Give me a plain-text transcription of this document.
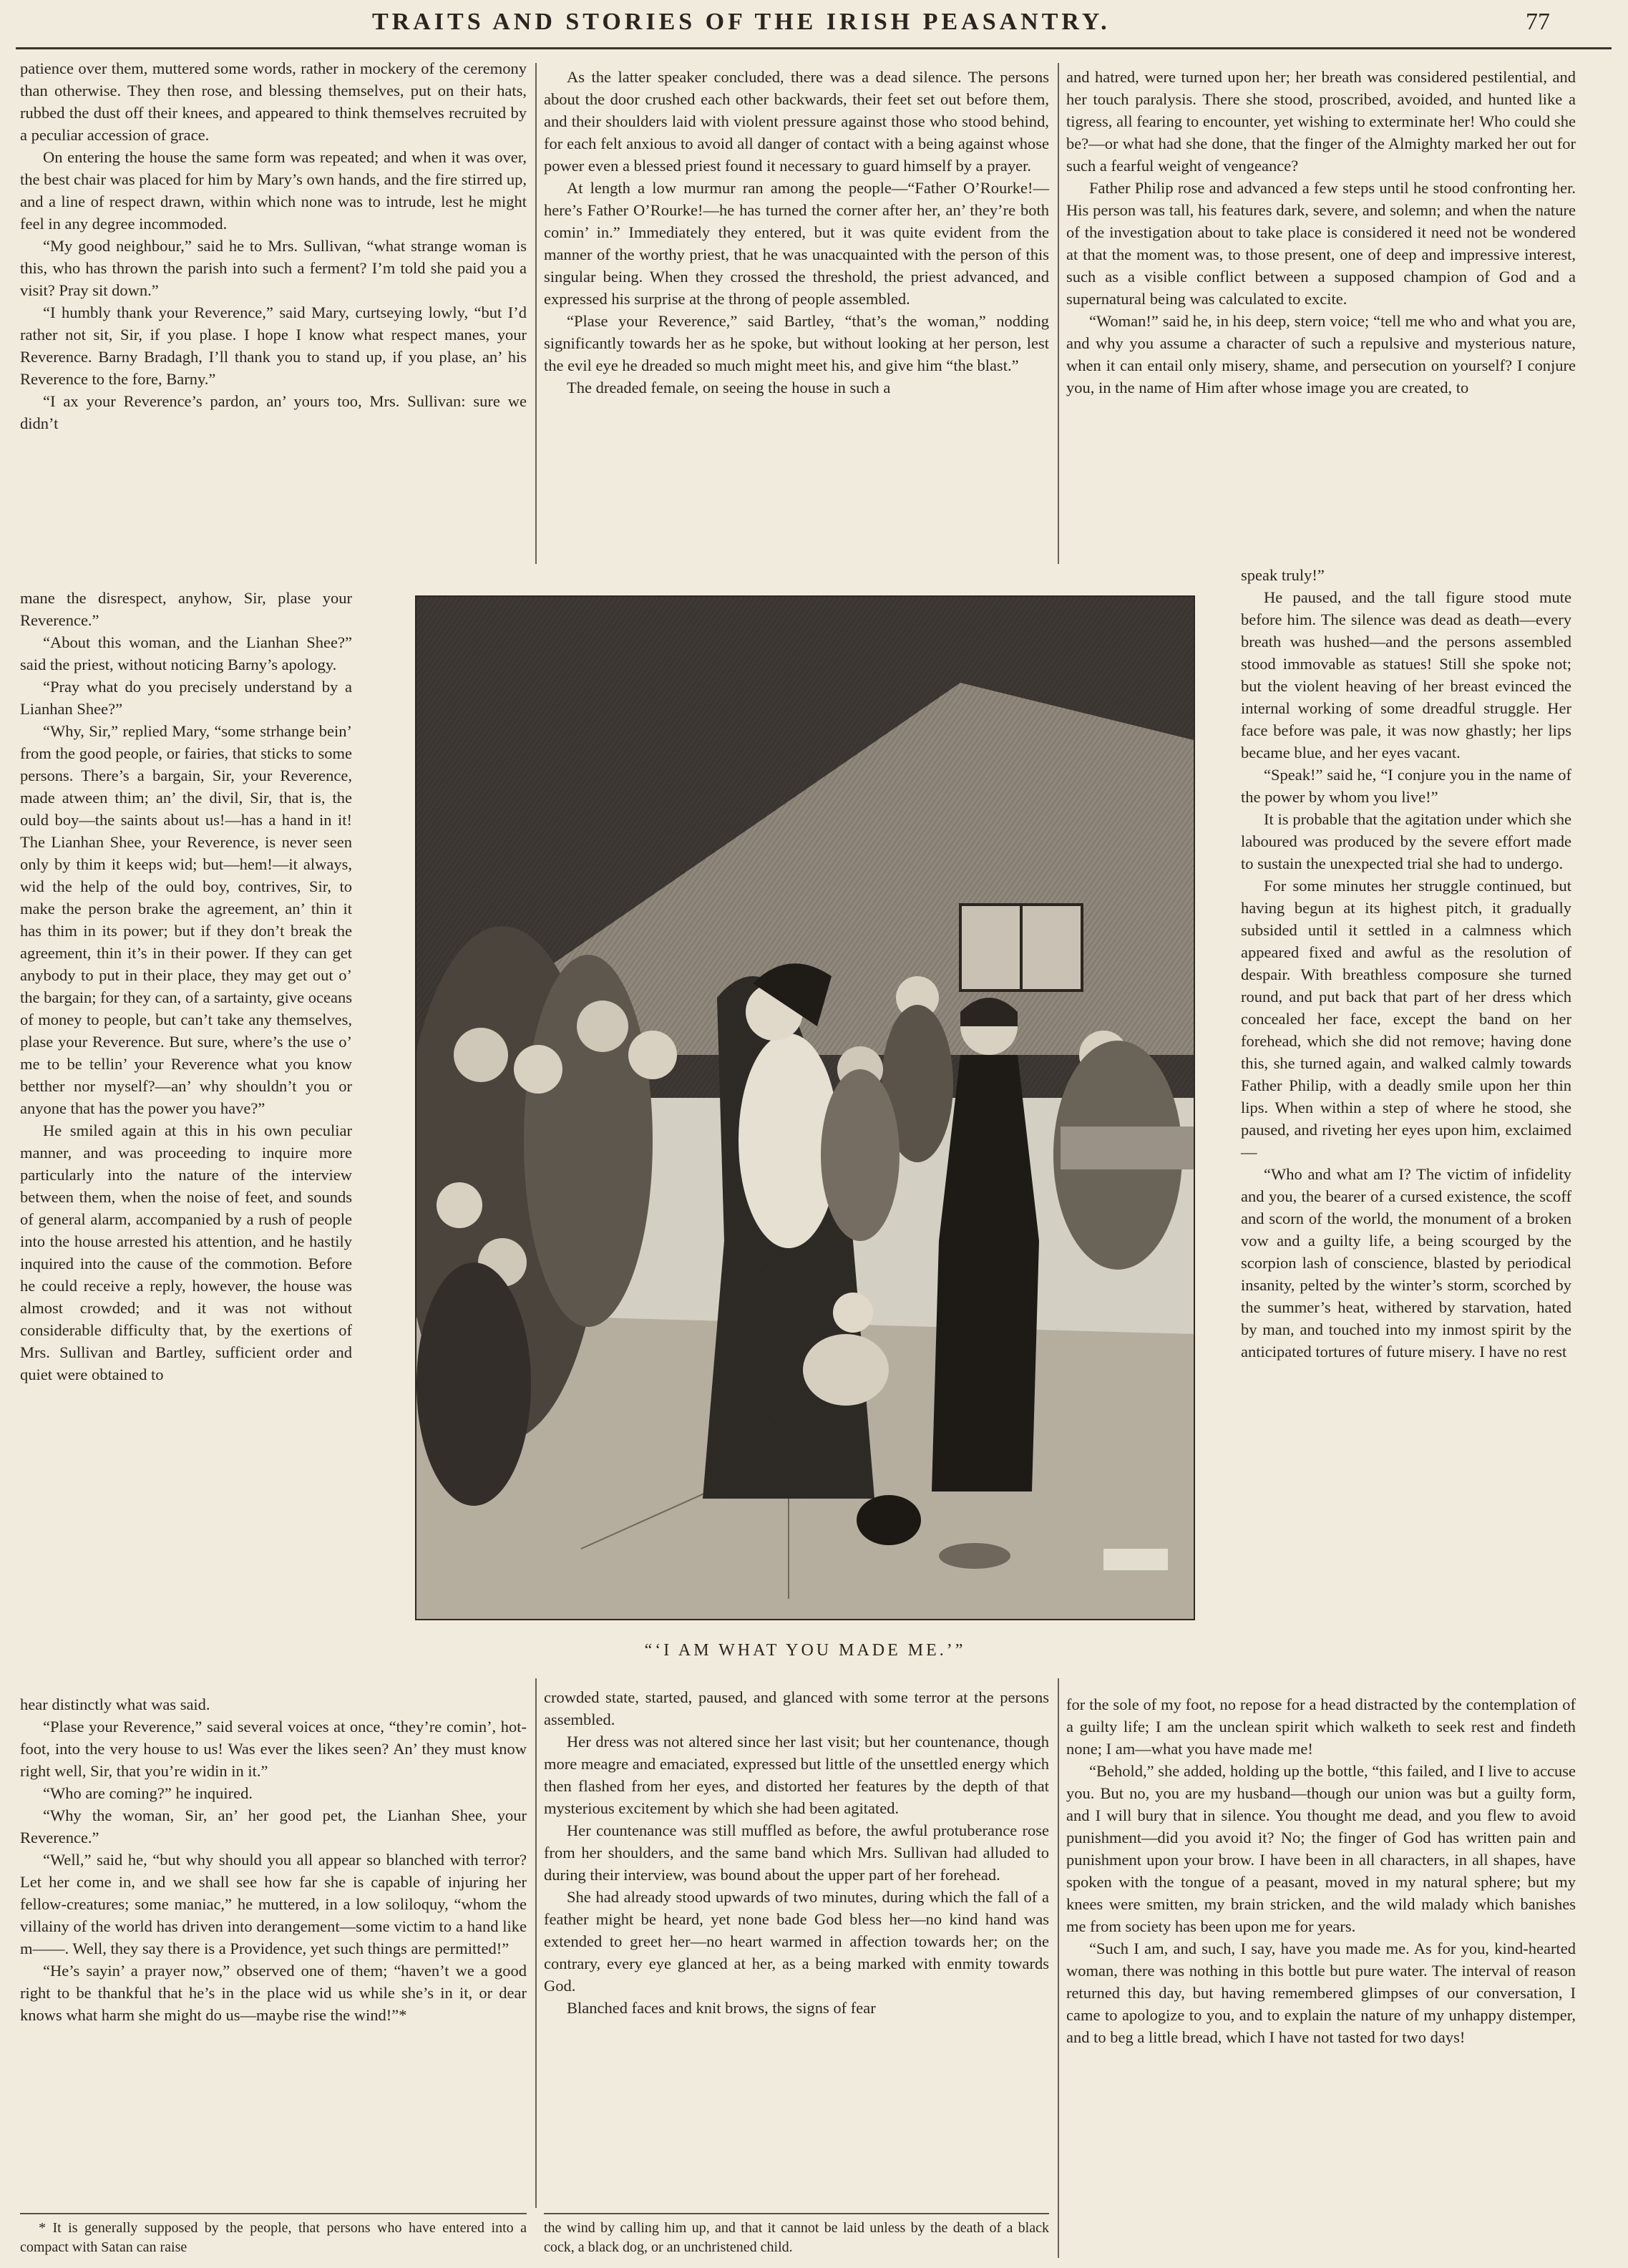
TRAITS AND STORIES OF THE IRISH PEASANTRY.	77

patience over them, muttered some words, rather in mockery of the ceremony than otherwise. They then rose, and blessing themselves, put on their hats, rubbed the dust off their knees, and appeared to think themselves recruited by a peculiar accession of grace.

On entering the house the same form was repeated; and when it was over, the best chair was placed for him by Mary’s own hands, and the fire stirred up, and a line of respect drawn, within which none was to intrude, lest he might feel in any degree incommoded.

“My good neighbour,” said he to Mrs. Sullivan, “what strange woman is this, who has thrown the parish into such a ferment? I’m told she paid you a visit? Pray sit down.”

“I humbly thank your Reverence,” said Mary, curtseying lowly, “but I’d rather not sit, Sir, if you plase. I hope I know what respect manes, your Reverence. Barny Bradagh, I’ll thank you to stand up, if you plase, an’ his Reverence to the fore, Barny.”

“I ax your Reverence’s pardon, an’ yours too, Mrs. Sullivan: sure we didn’t

mane the disrespect, anyhow, Sir, plase your Reverence.”

“About this woman, and the Lianhan Shee?” said the priest, without noticing Barny’s apology.

“Pray what do you precisely understand by a Lianhan Shee?”

“Why, Sir,” replied Mary, “some strhange bein’ from the good people, or fairies, that sticks to some persons. There’s a bargain, Sir, your Reverence, made atween thim; an’ the divil, Sir, that is, the ould boy—the saints about us!—has a hand in it! The Lianhan Shee, your Reverence, is never seen only by thim it keeps wid; but—hem!—it always, wid the help of the ould boy, contrives, Sir, to make the person brake the agreement, an’ thin it has thim in its power; but if they don’t break the agreement, thin it’s in their power. If they can get anybody to put in their place, they may get out o’ the bargain; for they can, of a sartainty, give oceans of money to people, but can’t take any themselves, plase your Reverence. But sure, where’s the use o’ me to be tellin’ your Reverence what you know betther nor myself?—an’ why shouldn’t you or anyone that has the power you have?”

He smiled again at this in his own peculiar manner, and was proceeding to inquire more particularly into the nature of the interview between them, when the noise of feet, and sounds of general alarm, accompanied by a rush of people into the house arrested his attention, and he hastily inquired into the cause of the commotion. Before he could receive a reply, however, the house was almost crowded; and it was not without considerable difficulty that, by the exertions of Mrs. Sullivan and Bartley, sufficient order and quiet were obtained to

hear distinctly what was said.

“Plase your Reverence,” said several voices at once, “they’re comin’, hot-foot, into the very house to us! Was ever the likes seen? An’ they must know right well, Sir, that you’re widin in it.”

“Who are coming?” he inquired.

“Why the woman, Sir, an’ her good pet, the Lianhan Shee, your Reverence.”

“Well,” said he, “but why should you all appear so blanched with terror? Let her come in, and we shall see how far she is capable of injuring her fellow-creatures; some maniac,” he muttered, in a low soliloquy, “whom the villainy of the world has driven into derangement—some victim to a hand like m——. Well, they say there is a Providence, yet such things are permitted!”

“He’s sayin’ a prayer now,” observed one of them; “haven’t we a good right to be thankful that he’s in the place wid us while she’s in it, or dear knows what harm she might do us—maybe rise the wind!”*

As the latter speaker concluded, there was a dead silence. The persons about the door crushed each other backwards, their feet set out before them, and their shoulders laid with violent pressure against those who stood behind, for each felt anxious to avoid all danger of contact with a being against whose power even a blessed priest found it necessary to guard himself by a prayer.

At length a low murmur ran among the people—“Father O’Rourke!—here’s Father O’Rourke!—he has turned the corner after her, an’ they’re both comin’ in.” Immediately they entered, but it was quite evident from the manner of the worthy priest, that he was unacquainted with the person of this singular being. When they crossed the threshold, the priest advanced, and expressed his surprise at the throng of people assembled.

“Plase your Reverence,” said Bartley, “that’s the woman,” nodding significantly towards her as he spoke, but without looking at her person, lest the evil eye he dreaded so much might meet his, and give him “the blast.”

The dreaded female, on seeing the house in such a

crowded state, started, paused, and glanced with some terror at the persons assembled.

Her dress was not altered since her last visit; but her countenance, though more meagre and emaciated, expressed but little of the unsettled energy which then flashed from her eyes, and distorted her features by the depth of that mysterious excitement by which she had been agitated.

Her countenance was still muffled as before, the awful protuberance rose from her shoulders, and the same band which Mrs. Sullivan had alluded to during their interview, was bound about the upper part of her forehead.

She had already stood upwards of two minutes, during which the fall of a feather might be heard, yet none bade God bless her—no kind hand was extended to greet her—no heart warmed in affection towards her; on the contrary, every eye glanced at her, as a being marked with enmity towards God.

Blanched faces and knit brows, the signs of fear

and hatred, were turned upon her; her breath was considered pestilential, and her touch paralysis. There she stood, proscribed, avoided, and hunted like a tigress, all fearing to encounter, yet wishing to exterminate her! Who could she be?—or what had she done, that the finger of the Almighty marked her out for such a fearful weight of vengeance?

Father Philip rose and advanced a few steps until he stood confronting her. His person was tall, his features dark, severe, and solemn; and when the nature of the investigation about to take place is considered it need not be wondered at that the moment was, to those present, one of deep and impressive interest, such as a visible conflict between a supposed champion of God and a supernatural being was calculated to excite.

“Woman!” said he, in his deep, stern voice; “tell me who and what you are, and why you assume a character of such a repulsive and mysterious nature, when it can entail only misery, shame, and persecution on yourself? I conjure you, in the name of Him after whose image you are created, to

speak truly!”

He paused, and the tall figure stood mute before him. The silence was dead as death—every breath was hushed—and the persons assembled stood immovable as statues! Still she spoke not; but the violent heaving of her breast evinced the internal working of some dreadful struggle. Her face before was pale, it was now ghastly; her lips became blue, and her eyes vacant.

“Speak!” said he, “I conjure you in the name of the power by whom you live!”

It is probable that the agitation under which she laboured was produced by the severe effort made to sustain the unexpected trial she had to undergo.

For some minutes her struggle continued, but having begun at its highest pitch, it gradually subsided until it settled in a calmness which appeared fixed and awful as the resolution of despair. With breathless composure she turned round, and put back that part of her dress which concealed her face, except the band on her forehead, which she did not remove; having done this, she turned again, and walked calmly towards Father Philip, with a deadly smile upon her thin lips. When within a step of where he stood, she paused, and riveting her eyes upon him, exclaimed—

“Who and what am I? The victim of infidelity and you, the bearer of a cursed existence, the scoff and scorn of the world, the monument of a broken vow and a guilty life, a being scourged by the scorpion lash of conscience, blasted by periodical insanity, pelted by the winter’s storm, scorched by the summer’s heat, withered by starvation, hated by man, and touched into my inmost spirit by the anticipated tortures of future misery. I have no rest

for the sole of my foot, no repose for a head distracted by the contemplation of a guilty life; I am the unclean spirit which walketh to seek rest and findeth none; I am—what you have made me!

“Behold,” she added, holding up the bottle, “this failed, and I live to accuse you. But no, you are my husband—though our union was but a guilty form, and I will bury that in silence. You thought me dead, and you flew to avoid punishment—did you avoid it? No; the finger of God has written pain and punishment upon your brow. I have been in all characters, in all shapes, have spoken with the tongue of a peasant, moved in my natural sphere; but my knees were smitten, my brain stricken, and the wild malady which banishes me from society has been upon me for years.

“Such I am, and such, I say, have you made me. As for you, kind-hearted woman, there was nothing in this bottle but pure water. The interval of reason returned this day, but having remembered glimpses of our conversation, I came to apologize to you, and to explain the nature of my unhappy distemper, and to beg a little bread, which I have not tasted for two days!

“‘I AM WHAT YOU MADE ME.’”

* It is generally supposed by the people, that persons who have entered into a compact with Satan can raise

the wind by calling him up, and that it cannot be laid unless by the death of a black cock, a black dog, or an unchristened child.
